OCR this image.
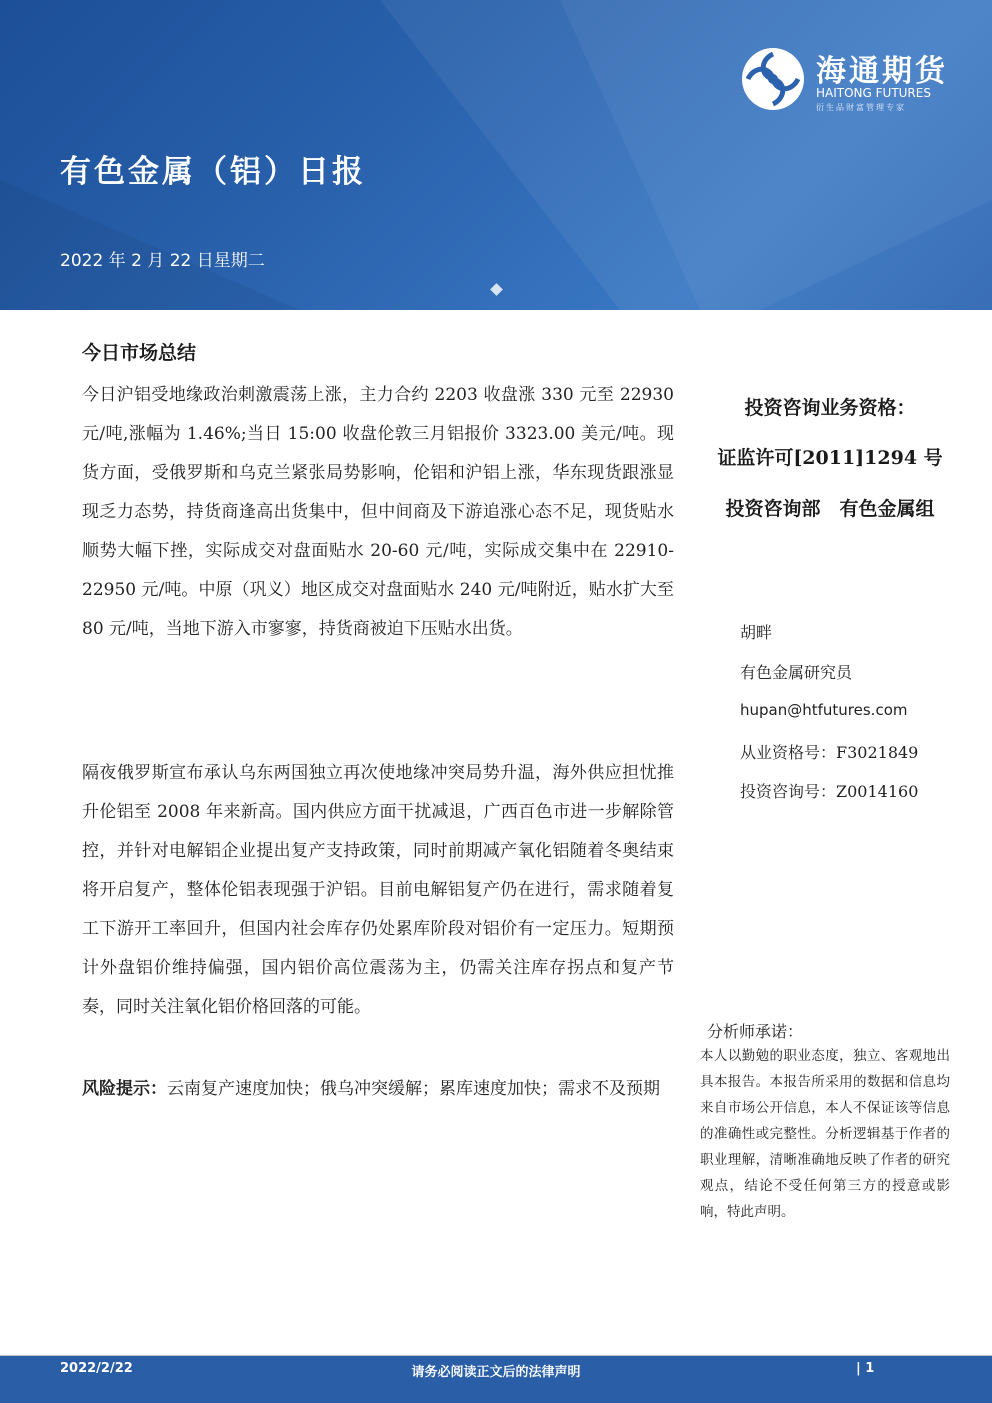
海通期货
HAITONG FUTURES
衍生品财富管理专家
有色金属（铝）日报
2022 年 2 月 22 日星期二
今日市场总结

今日沪铝受地缘政治刺激震荡上涨，主力合约 2203 收盘涨 330 元至 22930 元/吨,涨幅为 1.46%;当日 15:00 收盘伦敦三月铝报价 3323.00 美元/吨。现货方面，受俄罗斯和乌克兰紧张局势影响，伦铝和沪铝上涨，华东现货跟涨显现乏力态势，持货商逢高出货集中，但中间商及下游追涨心态不足，现货贴水顺势大幅下挫，实际成交对盘面贴水 20-60 元/吨，实际成交集中在 22910-22950 元/吨。中原（巩义）地区成交对盘面贴水 240 元/吨附近，贴水扩大至 80 元/吨，当地下游入市寥寥，持货商被迫下压贴水出货。

隔夜俄罗斯宣布承认乌东两国独立再次使地缘冲突局势升温，海外供应担忧推升伦铝至 2008 年来新高。国内供应方面干扰减退，广西百色市进一步解除管控，并针对电解铝企业提出复产支持政策，同时前期减产氧化铝随着冬奥结束将开启复产，整体伦铝表现强于沪铝。目前电解铝复产仍在进行，需求随着复工下游开工率回升，但国内社会库存仍处累库阶段对铝价有一定压力。短期预计外盘铝价维持偏强，国内铝价高位震荡为主，仍需关注库存拐点和复产节奏，同时关注氧化铝价格回落的可能。

风险提示：云南复产速度加快；俄乌冲突缓解；累库速度加快；需求不及预期

投资咨询业务资格：
证监许可[2011]1294 号
投资咨询部　有色金属组
胡畔
有色金属研究员
hupan@htfutures.com
从业资格号：F3021849
投资咨询号：Z0014160
分析师承诺：

本人以勤勉的职业态度，独立、客观地出具本报告。本报告所采用的数据和信息均来自市场公开信息，本人不保证该等信息的准确性或完整性。分析逻辑基于作者的职业理解，清晰准确地反映了作者的研究观点，结论不受任何第三方的授意或影响，特此声明。

2022/2/22	请务必阅读正文后的法律声明	| 1
